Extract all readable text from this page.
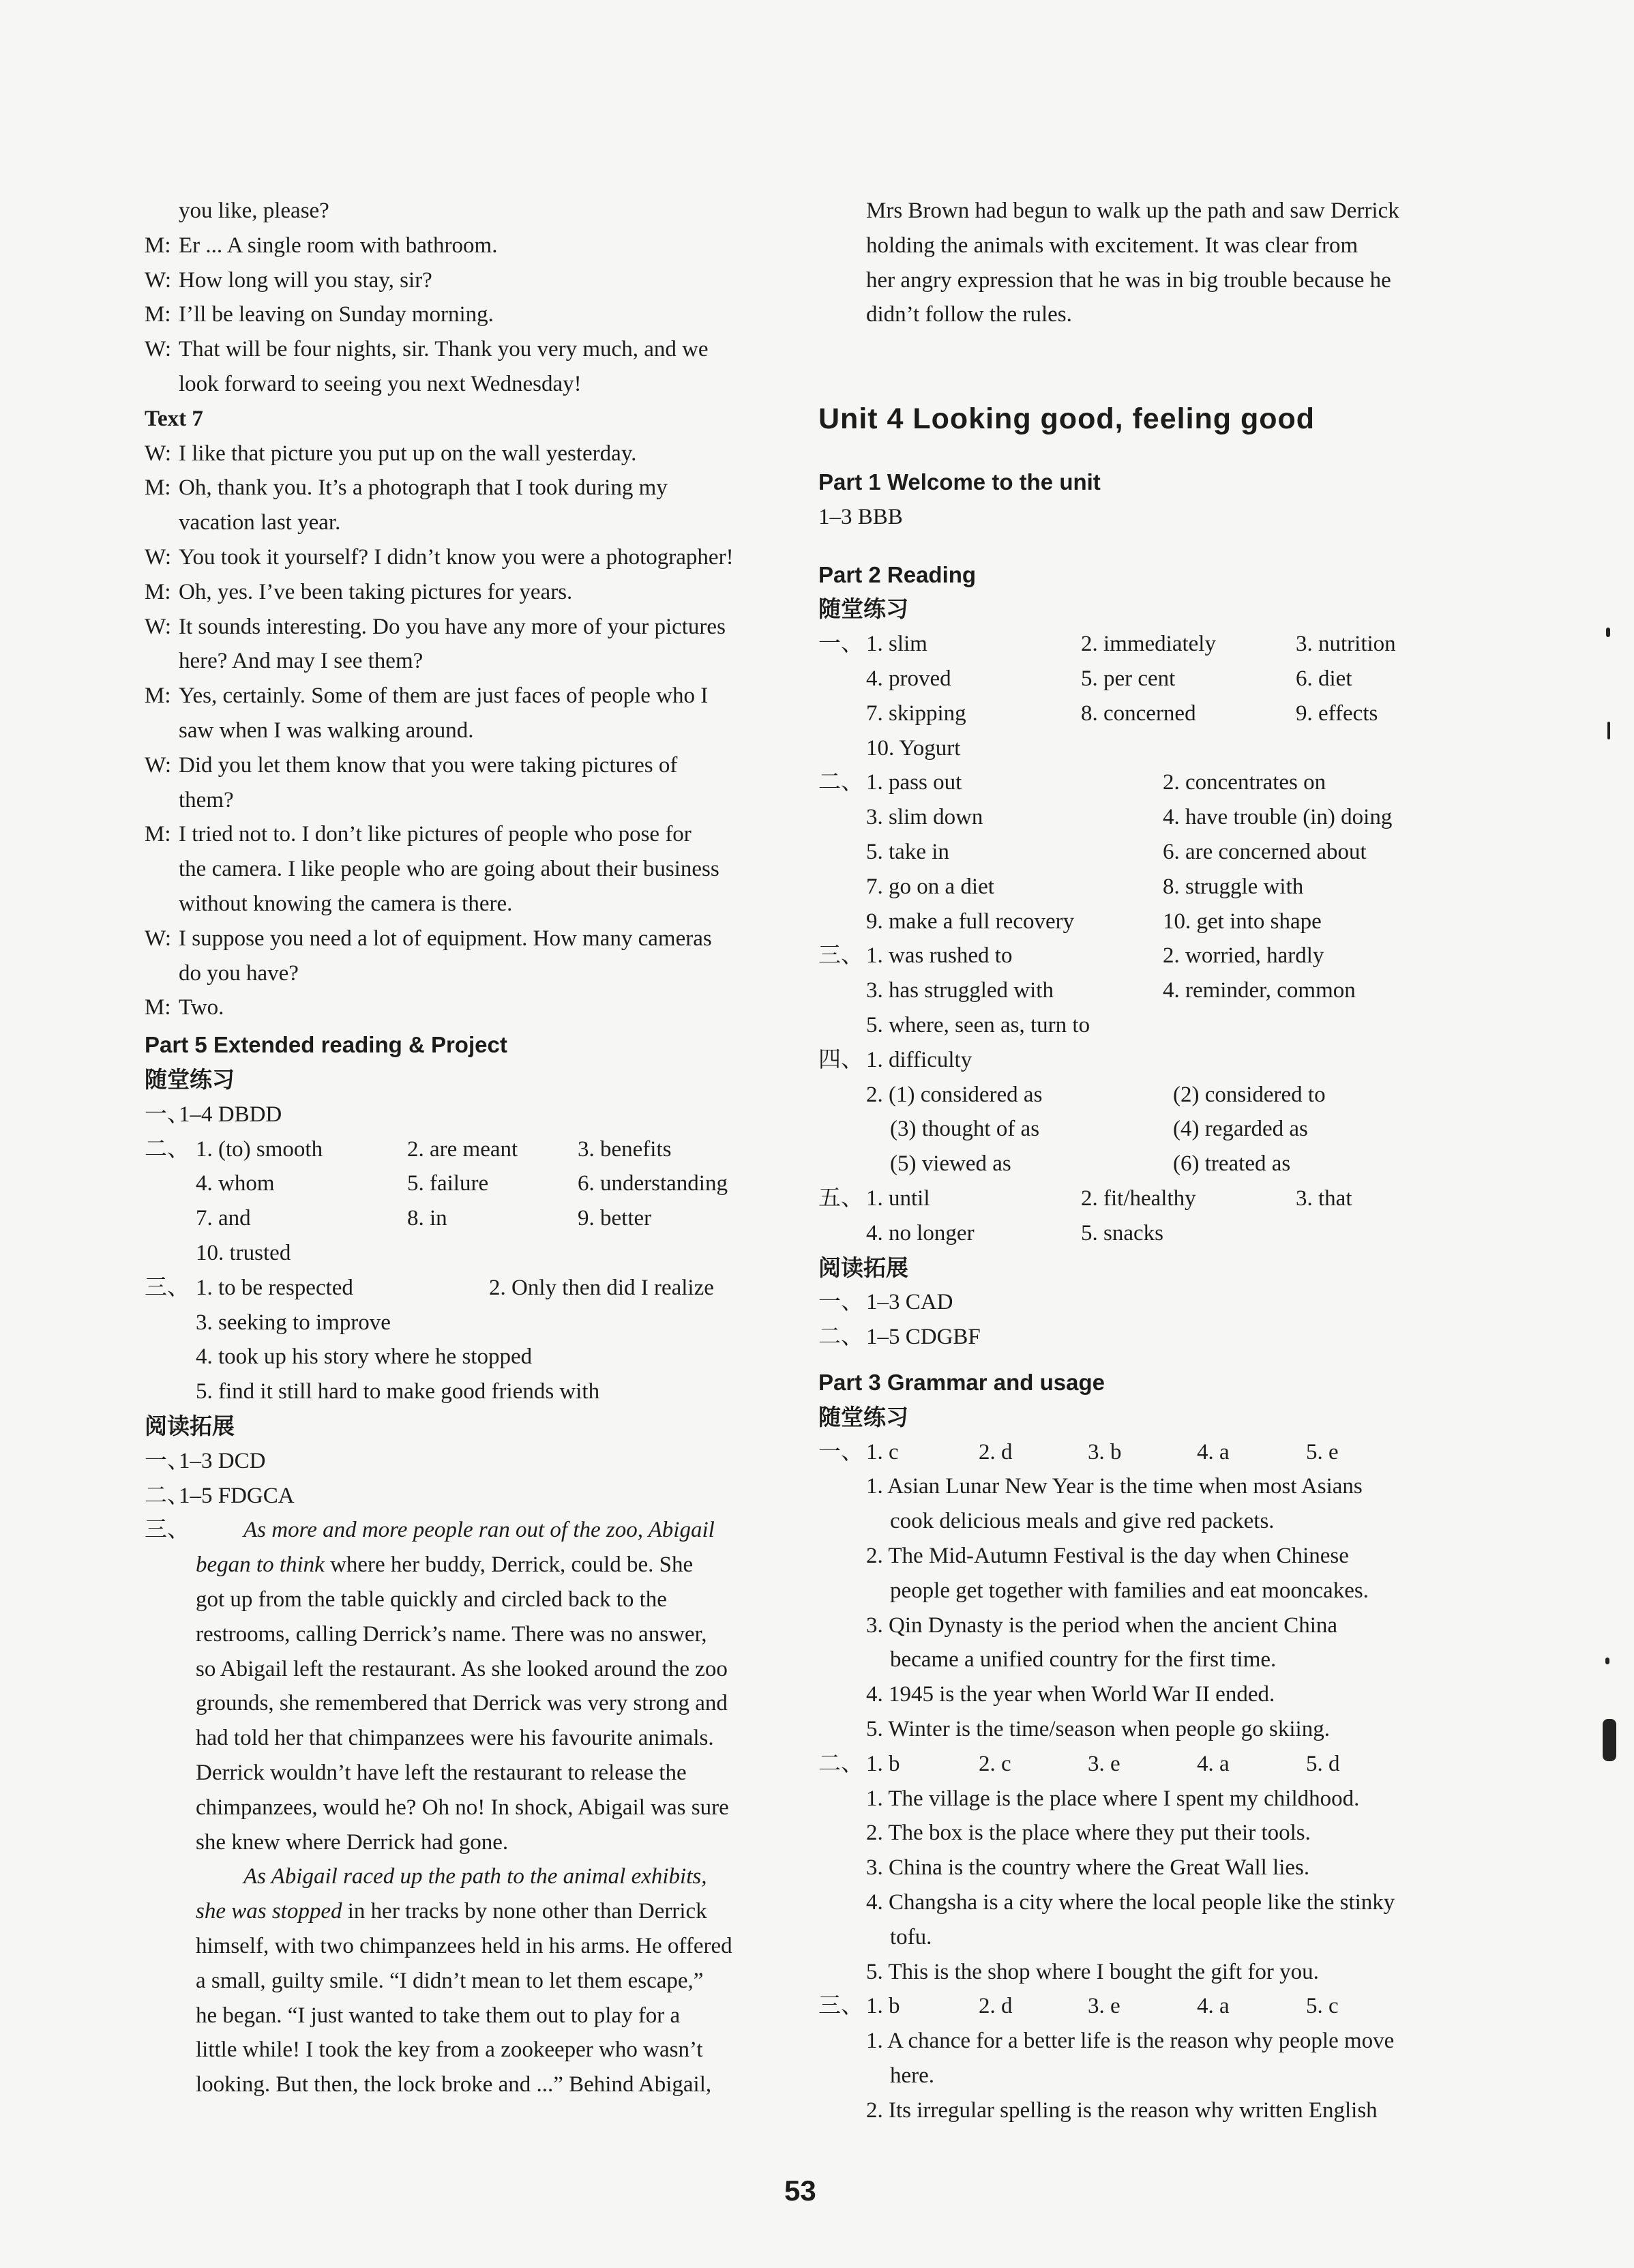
you like, please?
M: Er ... A single room with bathroom.
W: How long will you stay, sir?
M: I’ll be leaving on Sunday morning.
W: That will be four nights, sir. Thank you very much, and we
look forward to seeing you next Wednesday!
Text 7
W: I like that picture you put up on the wall yesterday.
M: Oh, thank you. It’s a photograph that I took during my
vacation last year.
W: You took it yourself? I didn’t know you were a photographer!
M: Oh, yes. I’ve been taking pictures for years.
W: It sounds interesting. Do you have any more of your pictures
here? And may I see them?
M: Yes, certainly. Some of them are just faces of people who I
saw when I was walking around.
W: Did you let them know that you were taking pictures of
them?
M: I tried not to. I don’t like pictures of people who pose for
the camera. I like people who are going about their business
without knowing the camera is there.
W: I suppose you need a lot of equipment. How many cameras
do you have?
M: Two.
Part 5 Extended reading & Project
随堂练习
一、
1–4 DBDD
二、 1. (to) smooth	2. are meant	3. benefits
4. whom	5. failure	6. understanding
7. and	8. in	9. better
10. trusted
三、 1. to be respected	2. Only then did I realize
3. seeking to improve
4. took up his story where he stopped
5. find it still hard to make good friends with
阅读拓展
一、
1–3 DCD
二、
1–5 FDGCA
三、 As more and more people ran out of the zoo, Abigail
began to think where her buddy, Derrick, could be. She
got up from the table quickly and circled back to the
restrooms, calling Derrick’s name. There was no answer,
so Abigail left the restaurant. As she looked around the zoo
grounds, she remembered that Derrick was very strong and
had told her that chimpanzees were his favourite animals.
Derrick wouldn’t have left the restaurant to release the
chimpanzees, would he? Oh no! In shock, Abigail was sure
she knew where Derrick had gone.
As Abigail raced up the path to the animal exhibits,
she was stopped in her tracks by none other than Derrick
himself, with two chimpanzees held in his arms. He offered
a small, guilty smile. “I didn’t mean to let them escape,”
he began. “I just wanted to take them out to play for a
little while! I took the key from a zookeeper who wasn’t
looking. But then, the lock broke and ...” Behind Abigail,
Mrs Brown had begun to walk up the path and saw Derrick
holding the animals with excitement. It was clear from
her angry expression that he was in big trouble because he
didn’t follow the rules.
Unit 4 Looking good, feeling good
Part 1 Welcome to the unit
1–3 BBB
Part 2 Reading
随堂练习
一、 1. slim	2. immediately	3. nutrition
4. proved	5. per cent	6. diet
7. skipping	8. concerned	9. effects
10. Yogurt
二、 1. pass out	2. concentrates on
3. slim down	4. have trouble (in) doing
5. take in	6. are concerned about
7. go on a diet	8. struggle with
9. make a full recovery	10. get into shape
三、 1. was rushed to	2. worried, hardly
3. has struggled with	4. reminder, common
5. where, seen as, turn to
四、 1. difficulty
2. (1) considered as	(2) considered to
(3) thought of as	(4) regarded as
(5) viewed as	(6) treated as
五、 1. until	2. fit/healthy	3. that
4. no longer	5. snacks
阅读拓展
一、 1–3 CAD
二、 1–5 CDGBF
Part 3 Grammar and usage
随堂练习
一、 1. c	2. d	3. b	4. a	5. e
1. Asian Lunar New Year is the time when most Asians
cook delicious meals and give red packets.
2. The Mid-Autumn Festival is the day when Chinese
people get together with families and eat mooncakes.
3. Qin Dynasty is the period when the ancient China
became a unified country for the first time.
4. 1945 is the year when World War II ended.
5. Winter is the time/season when people go skiing.
二、 1. b	2. c	3. e	4. a	5. d
1. The village is the place where I spent my childhood.
2. The box is the place where they put their tools.
3. China is the country where the Great Wall lies.
4. Changsha is a city where the local people like the stinky
tofu.
5. This is the shop where I bought the gift for you.
三、 1. b	2. d	3. e	4. a	5. c
1. A chance for a better life is the reason why people move
here.
2. Its irregular spelling is the reason why written English
53
